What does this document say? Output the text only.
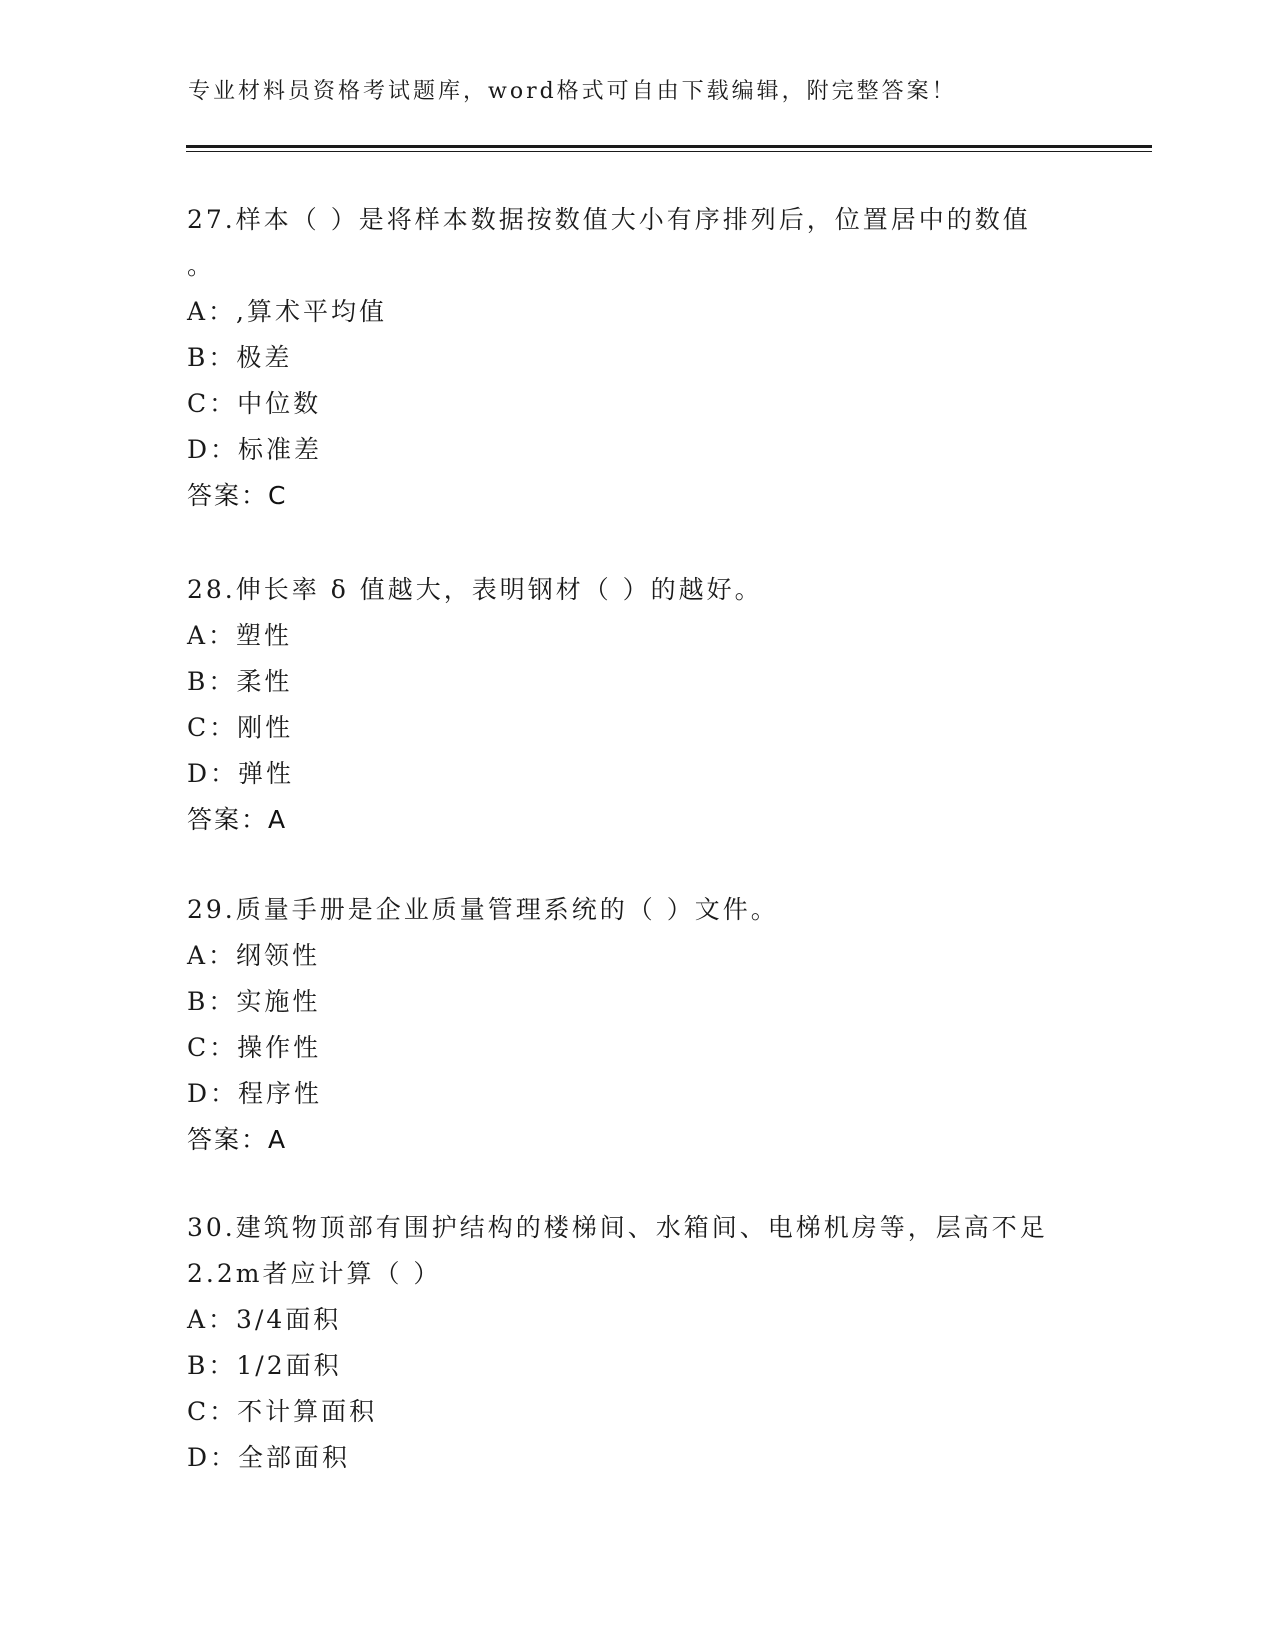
专业材料员资格考试题库，word格式可自由下载编辑，附完整答案！
27.样本（ ）是将样本数据按数值大小有序排列后，位置居中的数值
。
A：,算术平均值
B：极差
C：中位数
D：标准差
答案：C
28.伸长率 δ 值越大，表明钢材（ ）的越好。
A：塑性
B：柔性
C：刚性
D：弹性
答案：A
29.质量手册是企业质量管理系统的（ ）文件。
A：纲领性
B：实施性
C：操作性
D：程序性
答案：A
30.建筑物顶部有围护结构的楼梯间、水箱间、电梯机房等，层高不足
2.2m者应计算（ ）
A：3/4面积
B：1/2面积
C：不计算面积
D：全部面积
